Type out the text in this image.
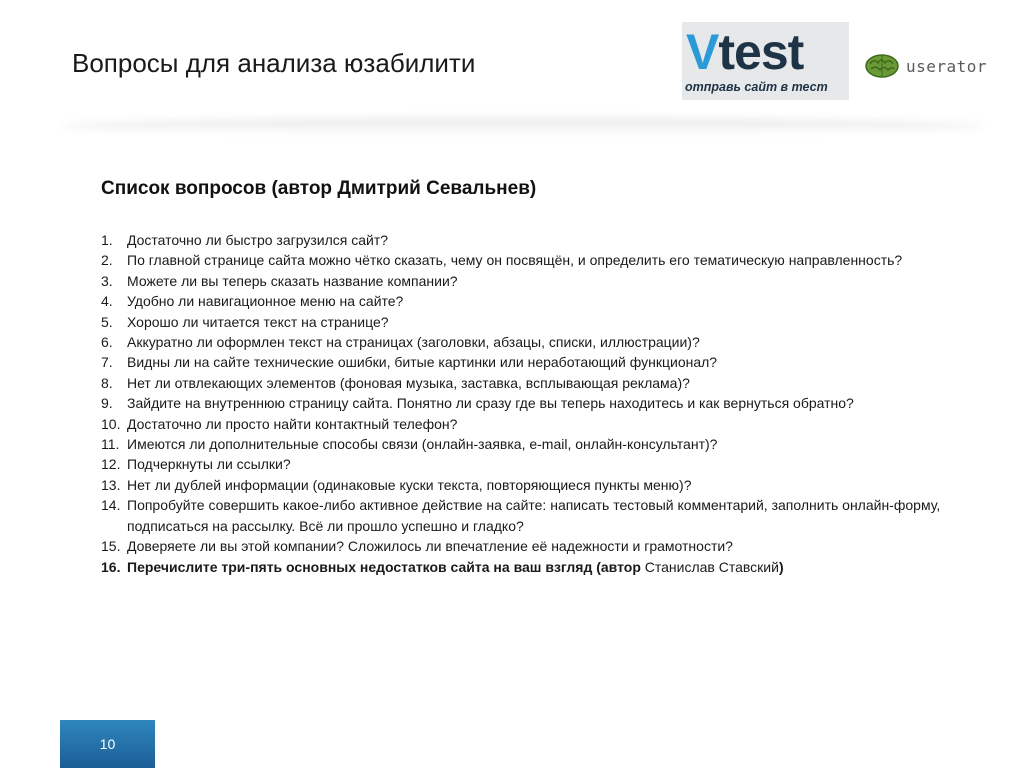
Вопросы для анализа юзабилити	Vtest
отправь сайт в тест
userator
Список вопросов (автор Дмитрий Севальнев)
1.	Достаточно ли быстро загрузился сайт?
2.	По главной странице сайта можно чётко сказать, чему он посвящён, и определить его тематическую направленность?
3.	Можете ли вы теперь сказать название компании?
4.	Удобно ли навигационное меню на сайте?
5.	Хорошо ли читается текст на странице?
6.	Аккуратно ли оформлен текст на страницах (заголовки, абзацы, списки, иллюстрации)?
7.	Видны ли на сайте технические ошибки, битые картинки или неработающий функционал?
8.	Нет ли отвлекающих элементов (фоновая музыка, заставка, всплывающая реклама)?
9.	Зайдите на внутреннюю страницу сайта. Понятно ли сразу где вы теперь находитесь и как вернуться обратно?
10. Достаточно ли просто найти контактный телефон?
11. Имеются ли дополнительные способы связи (онлайн-заявка, e-mail, онлайн-консультант)?
12. Подчеркнуты ли ссылки?
13. Нет ли дублей информации (одинаковые куски текста, повторяющиеся пункты меню)?
14. Попробуйте совершить какое-либо активное действие на сайте: написать тестовый комментарий, заполнить онлайн-форму, подписаться на рассылку. Всё ли прошло успешно и гладко?
15. Доверяете ли вы этой компании? Сложилось ли впечатление её надежности и грамотности?
16. Перечислите три-пять основных недостатков сайта на ваш взгляд (автор Станислав Ставский)
10
